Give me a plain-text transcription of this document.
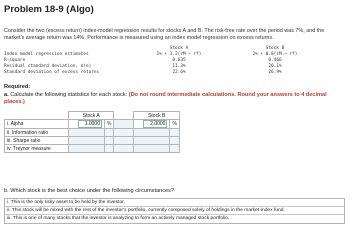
Problem 18-9 (Algo)
Consider the two (excess return) index-model regression results for stocks A and B. The risk-free rate over the period was 7%, and the market’s average return was 14%. Performance is measured using an index model regression on excess returns.
Stock A	Stock B
Index model regression estimates	1% + 1.2(rM − rf)	2% + 0.8(rM − rf)
R-square	0.635	0.466
Residual standard deviation, σ(e)	11.3%	20.1%
Standard deviation of excess returns	22.6%	26.9%
Required:
a. Calculate the following statistics for each stock: (Do not round intermediate calculations. Round your answers to 4 decimal places.)
	Stock A			Stock B	
i. Alpha	1.0000	%		2.0000	%
ii. Information ratio					
iii. Sharpe ratio					
iv. Treynor measure					
b. Which stock is the best choice under the following circumstances?
i. This is the only risky asset to be held by the investor.
ii. This stock will be mixed with the rest of the investor’s portfolio, currently composed solely of holdings in the market-index fund.
iii. This is one of many stocks that the investor is analyzing to form an actively managed stock portfolio.
